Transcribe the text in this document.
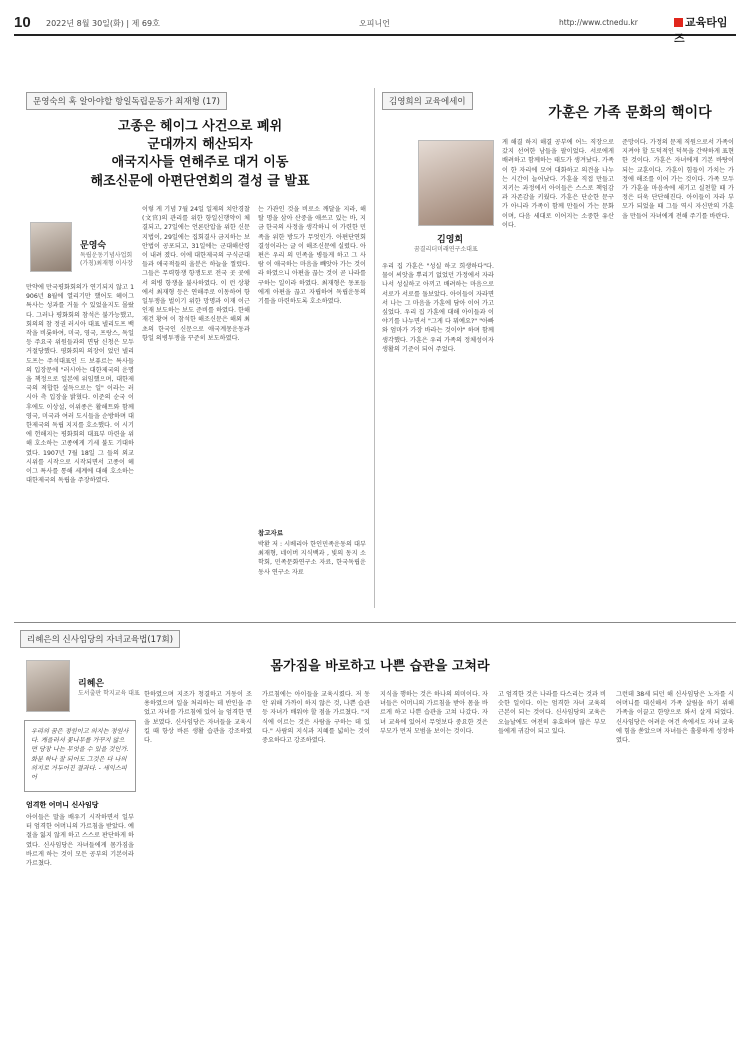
10 2022년 8월 30일(화) | 제 69호	오피니언	http://www.ctnedu.kr	교육타임즈
문영숙의 혹 알아야할 항일독립운동가 최재형 (17)
고종은 헤이그 사건으로 폐위
군대까지 해산되자
애국지사들 연해주로 대거 이동
해조신문에 아편단연회의 결성 글 발표
문영숙
독립운동기념사업회
(가칭)최재형 이사장
만약에 만국평화회의가 연기되지 않고 1906년 8월에 열리기만 했어도 헤이그 특사는 성과를 거둘 수 있었을지도 몰랐다. 그러나 평화회의 참석은 불가능했고, 회의의 참 정권 러시아 대표 넬리도프 백작을 비롯하여, 미국, 영국, 프랑스, 독일 등 주요국 위원들과의 면담 신청은 모두 거절당했다. 평화회의 의장이 었던 넬리도프는 주석대표인 드 보퓨르는 특사들의 입장문에 "러시아는 대한제국의 운명을 책정으로 일본에 위임했으며, 대한제국의 적합한 설득으로는 일" 이라는 러시아 측 입장을 밝혔다. 이준의 순국 이후에도 이상설, 이위종은 활해트와 함께 영국, 미국과 여러 도시들을 순방하며 대한제국의 독립 지지를 호소했다. 이 시기에 헌해지는 평화회의 대표부 마련을 위해 호소하는 고종에게 기세 불도 기대하였다. 1907년 7월 18일 그 들의 외교 시위를 시작으로 시작되면서 고종이 헤이그 특사를 통해 세계에 대해 호소하는 대한제국의 독립을 주장하였다.
이렇 게 기념 7월 24일 일제의 치안경찰(文官)의 관리를 위한 항일신행약이 체결되고, 27일에는 언론탄압을 위한 신문지법이, 29일에는 집회결사 금지하는 보안법이 공포되고, 31일에는 군대해산령이 내려 졌다. 이에 대한제국의 구식군대들과 애국적들의 울분은 하늘을 찔렀다. 그들은 무력항쟁 항쟁도로 전국 곳 곳에서 의병 항쟁을 불사하였다. 이 런 상황에서 최재형 등은 연해주로 이동하여 항일투쟁을 벌이기 위한 망명과 이재 이근 인재 보도하는 보도 준비를 하였다. 한해 재건 황여 이 참석한 해조신문은 해외 최초의 한국인 신문으로 애국계몽운동과 항일 의병투쟁을 꾸준히 보도하였다.
는 가관인 것을 비로소 깨달을 지라, 해탈 명을 삼아 산중을 애쓰고 있는 바, 지금 한국의 사정을 생각하니 이 가련한 민족을 위한 방도가 무엇인가. 아편단연회 결성이라는 글 이 해조신문에 실렸다. 아편은 우리 의 민족을 병들게 하고 그 사람 이 애국하는 마음을 빼앗아 가는 것이 라 하였으니 아편을 끊는 것이 곧 나라를 구하는 일이라 하였다. 최재형은 동포들에게 아편을 끊고 자립하여 독립운동의 기틀을 마련하도록 호소하였다.
참고자료
박환 저 : 시베리아 한인민족운동의 대부 최재형, 네이버 지식백과 , 빛의 동지 소학회, 민족문화연구소 자료, 한국독립운동사 연구소 자료
김영희의 교육에세이
가훈은 가족 문화의 핵이다
김영희
꿈결리더미래연구소대표
우리 집 가훈은 "성실 하고 희생하다"다. 물이 씨앗을 뿌리기 없었던 가정에서 자라나서 성실하고 아끼고 배려하는 마음으로 서로가 서로를 돌보았다. 아이들이 자라면서 나는 그 마음을 가훈에 담아 이어 가고 싶었다. 우리 집 가훈에 대해 아이들과 이야기를 나누면서 "그게 다 뭐예요?" "아빠와 엄마가 가장 바라는 것이야" 하며 함께 생각했다. 가훈은 우리 가족의 정체성이자 생활의 기준이 되어 주었다.
게 해결 하지 해결 공부에 어느 직장으로 갔지 선여한 남들을 팔이었다. 서로에게 배려하고 함께하는 태도가 생겨났다. 가족이 한 자리에 모여 대화하고 의견을 나누는 시간이 늘어났다. 가훈을 직접 만들고 지키는 과정에서 아이들은 스스로 책임감과 자존감을 키웠다. 가훈은 단순한 문구가 아니라 가족이 함께 만들어 가는 문화이며, 다음 세대로 이어지는 소중한 유산이다.
준망이다. 가정의 문제 직원으로서 가족이 지켜야 할 도덕적인 덕목을 간략하게 표현한 것이다. 가훈은 자녀에게 기본 바탕이 되는 교훈이다. 가훈이 힘들이 가치는 가정에 해조를 이어 가는 것이다. 가족 모두가 가훈을 마음속에 새기고 실천할 때 가정은 더욱 단단해진다. 아이들이 자라 부모가 되었을 때 그들 역시 자신만의 가훈을 만들어 자녀에게 전해 주기를 바란다.
리혜은의 신사임당의 자녀교육법(17회)
몸가짐을 바로하고 나쁜 습관을 고쳐라
리혜은
도서출판 학지교육 대표
우리의 꿈은 정원이고 의지는 정원사다. 게을러서 꽃나무를 가꾸지 않으면 당장 나는 무엇을 수 있을 것인가. 화분 하나 잘 되어도 그것은 다 나의 의지로 거두어진 결과다. - 세익스피어
엄격한 어머니 신사임당
아이들은 말을 배우기 시작하면서 일부터 엄격한 어머니의 가르침을 받았다. 예절을 잃지 않게 하고 스스로 판단하게 하였다. 신사임당은 자녀들에게 몸가짐을 바르게 하는 것이 모든 공부의 기본이라 가르쳤다.
한하였으며 지조가 청결하고 거동이 조용하였으며 일을 처리하는 데 반인을 주었고 자녀를 가르침에 있어 늘 엄격한 면을 보였다. 신사임당은 자녀들을 교육시킬 때 항상 바른 생활 습관을 강조하였다.
가르침에는 아이들을 교육시켰다. 저 동안 위해 가까이 하지 않은 것, 나쁜 습관 등 자녀가 배워야 할 점을 가르쳤다. "지식에 이르는 것은 사람을 구하는 데 있다." 사람의 지식과 지혜를 넓히는 것이 중요하다고 강조하였다.
지식을 행하는 것은 하나의 의미이다. 자녀들은 어머니의 가르침을 받아 몸을 바르게 하고 나쁜 습관을 고쳐 나갔다. 자녀 교육에 있어서 무엇보다 중요한 것은 부모가 먼저 모범을 보이는 것이다.
고 엄격한 것은 나라를 다스리는 것과 비슷한 일이다. 이는 엄격한 자녀 교육의 근본이 되는 것이다. 신사임당의 교육은 오늘날에도 여전히 유효하며 많은 부모들에게 귀감이 되고 있다.
그런데 38세 되던 해 신사임당은 노자를 시어머니를 대신해서 가족 살림을 하기 위해 가족을 이끌고 한양으로 와서 살게 되었다. 신사임당은 어려운 여건 속에서도 자녀 교육에 힘을 쏟았으며 자녀들은 훌륭하게 성장하였다.
